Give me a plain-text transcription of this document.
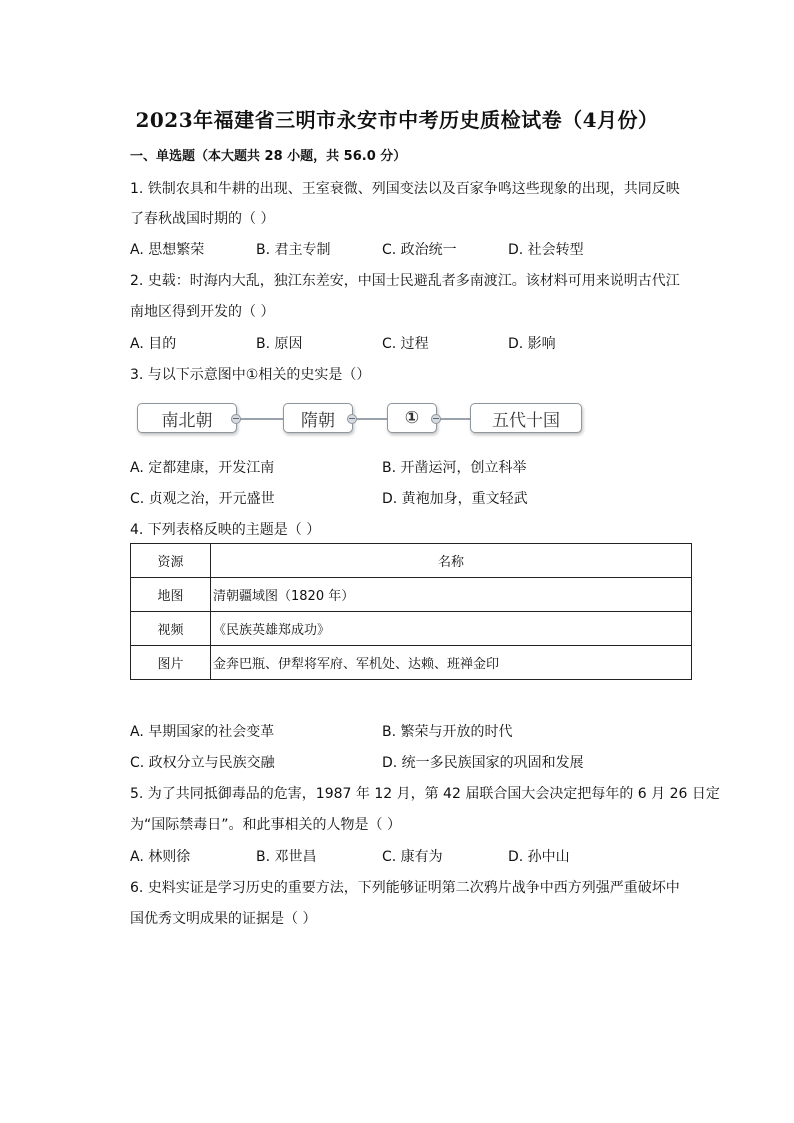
2023年福建省三明市永安市中考历史质检试卷（4月份）
一、单选题（本大题共 28 小题，共 56.0 分）
1. 铁制农具和牛耕的出现、王室衰微、列国变法以及百家争鸣这些现象的出现，共同反映
了春秋战国时期的（ ）
A. 思想繁荣	B. 君主专制	C. 政治统一	D. 社会转型
2. 史载：时海内大乱，独江东差安，中国士民避乱者多南渡江。该材料可用来说明古代江
南地区得到开发的（ ）
A. 目的	B. 原因	C. 过程	D. 影响
3. 与以下示意图中①相关的史实是（）
南北朝	隋朝	①	五代十国
A. 定都建康，开发江南	B. 开凿运河，创立科举
C. 贞观之治，开元盛世	D. 黄袍加身，重文轻武
4. 下列表格反映的主题是（ ）
资源	名称
地图	清朝疆域图（1820 年）
视频	《民族英雄郑成功》
图片	金奔巴瓶、伊犁将军府、军机处、达赖、班禅金印
A. 早期国家的社会变革	B. 繁荣与开放的时代
C. 政权分立与民族交融	D. 统一多民族国家的巩固和发展
5. 为了共同抵御毒品的危害，1987 年 12 月，第 42 届联合国大会决定把每年的 6 月 26 日定
为“国际禁毒日”。和此事相关的人物是（ ）
A. 林则徐	B. 邓世昌	C. 康有为	D. 孙中山
6. 史料实证是学习历史的重要方法，下列能够证明第二次鸦片战争中西方列强严重破坏中
国优秀文明成果的证据是（ ）
